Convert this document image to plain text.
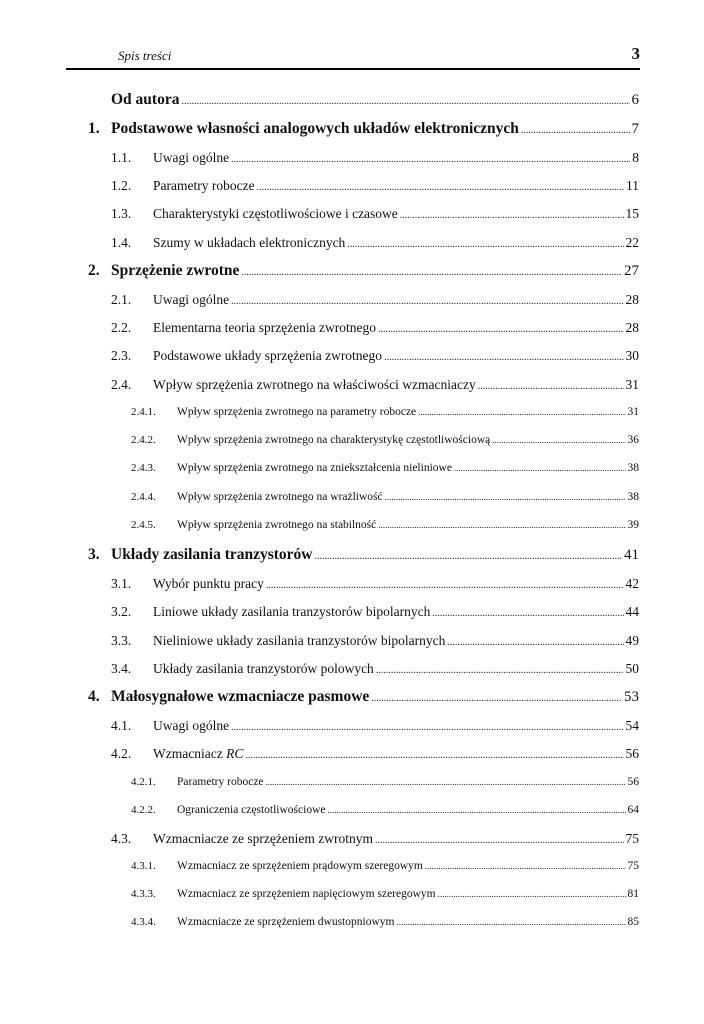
Spis treści	3
Od autora .....	6
1. Podstawowe własności analogowych układów elektronicznych .....	7
1.1.	Uwagi ogólne .....	8
1.2.	Parametry robocze .....	11
1.3.	Charakterystyki częstotliwościowe i czasowe .....	15
1.4.	Szumy w układach elektronicznych .....	22
2. Sprzężenie zwrotne .....	27
2.1.	Uwagi ogólne .....	28
2.2.	Elementarna teoria sprzężenia zwrotnego .....	28
2.3.	Podstawowe układy sprzężenia zwrotnego .....	30
2.4.	Wpływ sprzężenia zwrotnego na właściwości wzmacniaczy .....	31
2.4.1.	Wpływ sprzężenia zwrotnego na parametry robocze .....	31
2.4.2.	Wpływ sprzężenia zwrotnego na charakterystykę częstotliwościową .....	36
2.4.3.	Wpływ sprzężenia zwrotnego na zniekształcenia nieliniowe .....	38
2.4.4.	Wpływ sprzężenia zwrotnego na wrażliwość .....	38
2.4.5.	Wpływ sprzężenia zwrotnego na stabilność .....	39
3. Układy zasilania tranzystorów .....	41
3.1.	Wybór punktu pracy .....	42
3.2.	Liniowe układy zasilania tranzystorów bipolarnych .....	44
3.3.	Nieliniowe układy zasilania tranzystorów bipolarnych .....	49
3.4.	Układy zasilania tranzystorów polowych .....	50
4. Małosygnałowe wzmacniacze pasmowe .....	53
4.1.	Uwagi ogólne .....	54
4.2.	Wzmacniacz RC .....	56
4.2.1.	Parametry robocze .....	56
4.2.2.	Ograniczenia częstotliwościowe .....	64
4.3.	Wzmacniacze ze sprzężeniem zwrotnym .....	75
4.3.1.	Wzmacniacz ze sprzężeniem prądowym szeregowym .....	75
4.3.3.	Wzmacniacz ze sprzężeniem napięciowym szeregowym .....	81
4.3.4.	Wzmacniacze ze sprzężeniem dwustopniowym .....	85
